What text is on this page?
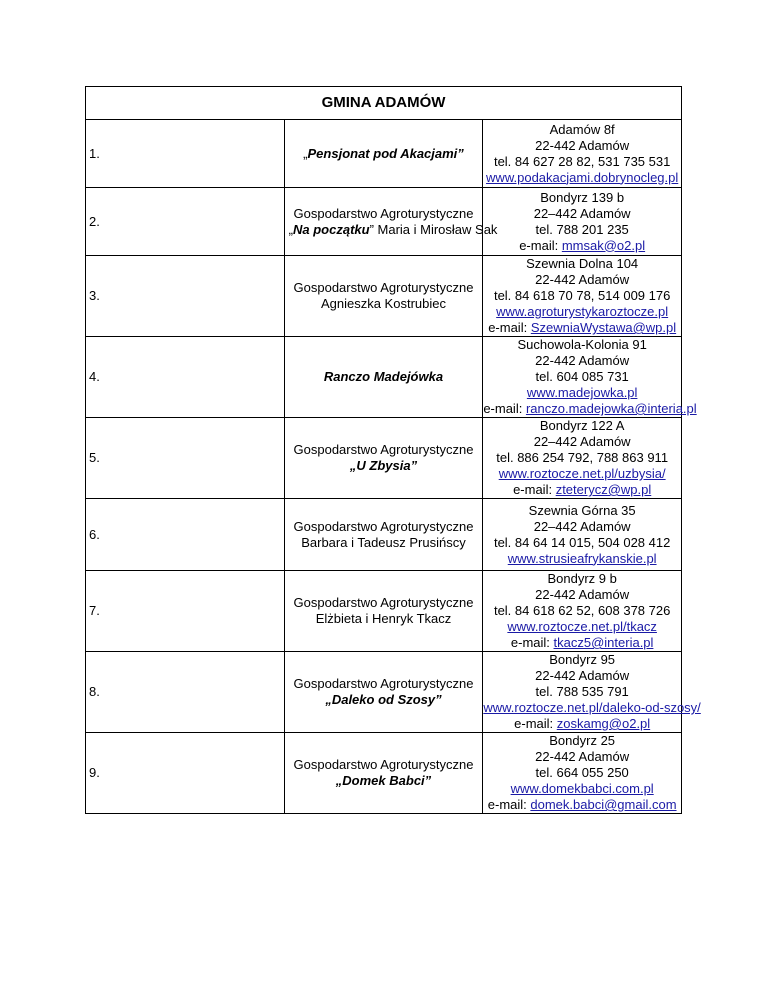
GMINA ADAMÓW		
1.	„Pensjonat pod Akacjami”	Adamów 8f
22-442 Adamów
tel. 84 627 28 82, 531 735 531
www.podakacjami.dobrynocleg.pl

2.	Gospodarstwo Agroturystyczne
„Na początku” Maria i Mirosław Sak	Bondyrz 139 b
22–442 Adamów
tel. 788 201 235
e-mail: mmsak@o2.pl

3.	Gospodarstwo Agroturystyczne
Agnieszka Kostrubiec	Szewnia Dolna 104
22-442 Adamów
tel. 84 618 70 78, 514 009 176
www.agroturystykaroztocze.pl
e-mail: SzewniaWystawa@wp.pl

4.	Ranczo Madejówka	Suchowola-Kolonia 91
22-442 Adamów
tel. 604 085 731
www.madejowka.pl
e-mail: ranczo.madejowka@interia.pl

5.	Gospodarstwo Agroturystyczne
„U Zbysia”	Bondyrz 122 A
22–442 Adamów
tel. 886 254 792, 788 863 911
www.roztocze.net.pl/uzbysia/
e-mail: zteterycz@wp.pl

6.	Gospodarstwo Agroturystyczne
Barbara i Tadeusz Prusińscy	Szewnia Górna 35
22–442 Adamów
tel. 84 64 14 015, 504 028 412
www.strusieafrykanskie.pl

7.	Gospodarstwo Agroturystyczne
Elżbieta i Henryk Tkacz	Bondyrz 9 b
22-442 Adamów
tel. 84 618 62 52, 608 378 726
www.roztocze.net.pl/tkacz
e-mail: tkacz5@interia.pl

8.	Gospodarstwo Agroturystyczne
„Daleko od Szosy”	Bondyrz 95
22-442 Adamów
tel. 788 535 791
www.roztocze.net.pl/daleko-od-szosy/
e-mail: zoskamg@o2.pl

9.	Gospodarstwo Agroturystyczne
„Domek Babci”	Bondyrz 25
22-442 Adamów
tel. 664 055 250
www.domekbabci.com.pl
e-mail: domek.babci@gmail.com
